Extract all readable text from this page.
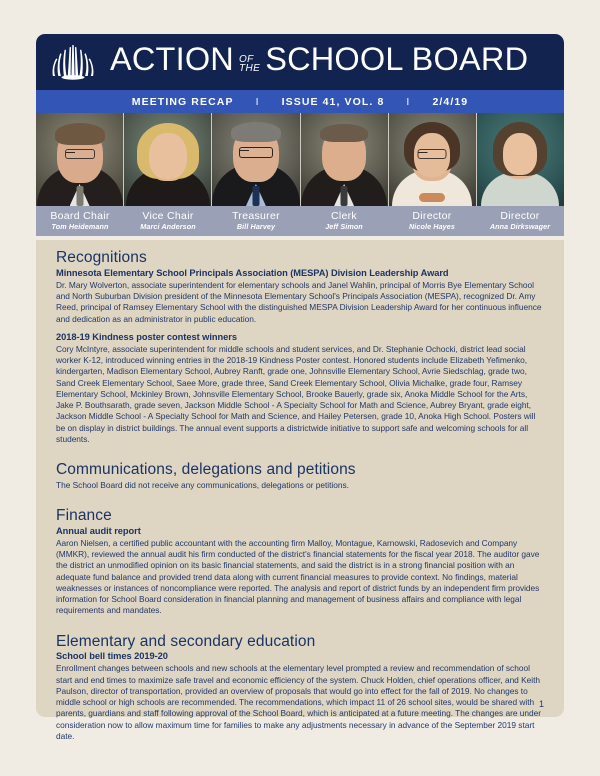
ACTION OF
THE SCHOOL BOARD
MEETING RECAP	I	ISSUE 41, VOL. 8	I	2/4/19
Board Chair
Tom Heidemann
Vice Chair
Marci Anderson
Treasurer
Bill Harvey
Clerk
Jeff Simon
Director
Nicole Hayes
Director
Anna Dirkswager
Recognitions
Minnesota Elementary School Principals Association (MESPA) Division Leadership Award

Dr. Mary Wolverton, associate superintendent for elementary schools and Janel Wahlin, principal of Morris Bye Elementary School and North Suburban Division president of the Minnesota Elementary School's Principals Association (MESPA), recognized Dr. Amy Reed, principal of Ramsey Elementary School with the distinguished MESPA Division Leadership Award for her continuous influence and dedication as an administrator in public education.

2018-19 Kindness poster contest winners

Cory McIntyre, associate superintendent for middle schools and student services, and Dr. Stephanie Ochocki, district lead social worker K-12, introduced winning entries in the 2018-19 Kindness Poster contest. Honored students include Elizabeth Yefimenko, kindergarten, Madison Elementary School, Aubrey Ranft, grade one, Johnsville Elementary School, Avrie Siedschlag, grade two, Sand Creek Elementary School, Saee More, grade three, Sand Creek Elementary School, Olivia Michalke, grade four, Ramsey Elementary School, Mckinley Brown, Johnsville Elementary School, Brooke Bauerly, grade six, Anoka Middle School for the Arts, Jake P. Bouthsarath, grade seven, Jackson Middle School - A Specialty School for Math and Science, Aubrey Bryant, grade eight, Jackson Middle School - A Specialty School for Math and Science, and Hailey Petersen, grade 10, Anoka High School. Posters will be on display in district buildings. The annual event supports a districtwide initiative to support safe and welcoming schools for all students.

Communications, delegations and petitions

The School Board did not receive any communications, delegations or petitions.

Finance
Annual audit report

Aaron Nielsen, a certified public accountant with the accounting firm Malloy, Montague, Karnowski, Radosevich and Company (MMKR), reviewed the annual audit his firm conducted of the district's financial statements for the fiscal year 2018. The auditor gave the district an unmodified opinion on its basic financial statements, and said the district is in a strong financial position with an adequate fund balance and provided trend data along with current financial measures to provide context. No findings, material weaknesses or instances of noncompliance were reported. The analysis and report of district funds by an independent firm provides information for School Board consideration in financial planning and management of business affairs and compliance with legal requirements and mandates.

Elementary and secondary education
School bell times 2019-20

Enrollment changes between schools and new schools at the elementary level prompted a review and recommendation of school start and end times to maximize safe travel and economic efficiency of the system. Chuck Holden, chief operations officer, and Keith Paulson, director of transportation, provided an overview of proposals that would go into effect for the fall of 2019. No changes to middle school or high schools are recommended. The recommendations, which impact 11 of 26 school sites, would be shared with parents, guardians and staff following approval of the School Board, which is anticipated at a future meeting. The changes are under consideration now to allow maximum time for families to make any adjustments necessary in advance of the September 2019 start date.

1
